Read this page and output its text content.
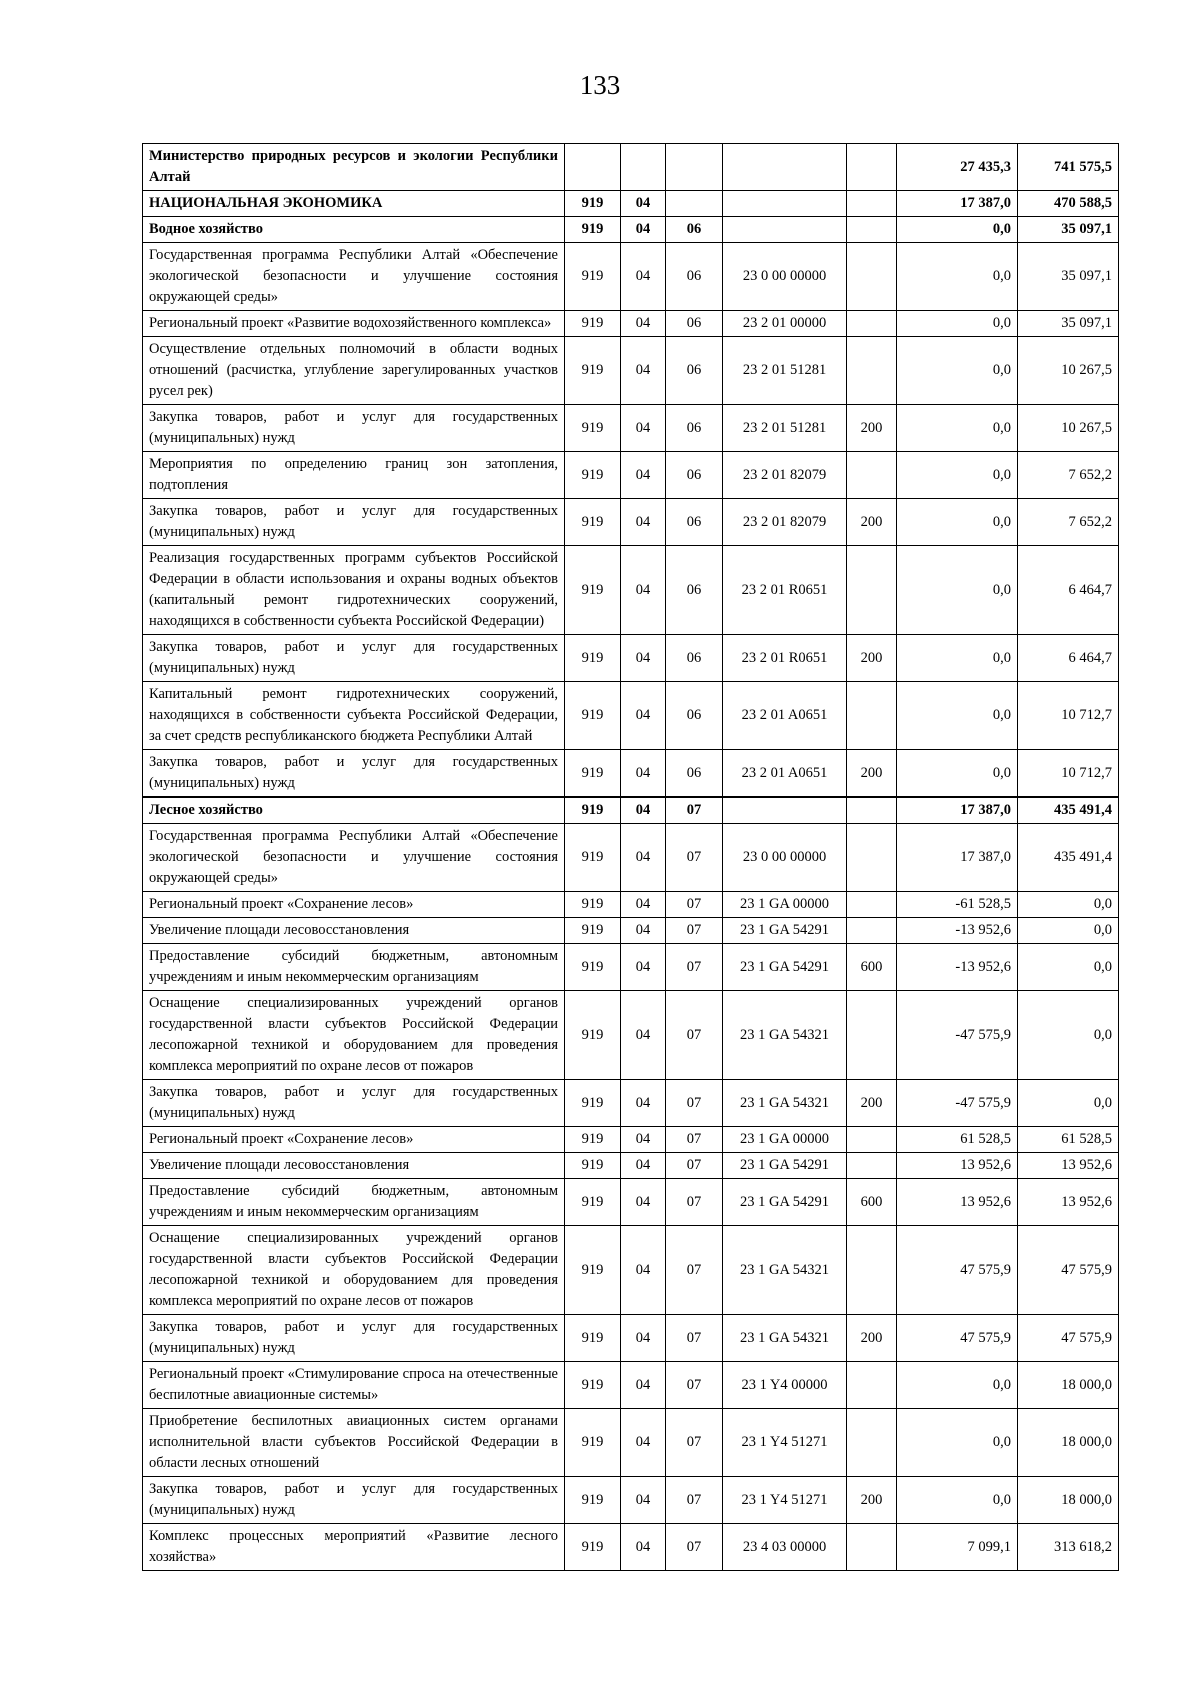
133
Министерство природных ресурсов и экологии Республики Алтай						27 435,3	741 575,5
НАЦИОНАЛЬНАЯ ЭКОНОМИКА	919	04				17 387,0	470 588,5
Водное хозяйство	919	04	06			0,0	35 097,1
Государственная программа Республики Алтай «Обеспечение экологической безопасности и улучшение состояния окружающей среды»	919	04	06	23 0 00 00000		0,0	35 097,1
Региональный проект «Развитие водохозяйственного комплекса»	919	04	06	23 2 01 00000		0,0	35 097,1
Осуществление отдельных полномочий в области водных отношений (расчистка, углубление зарегулированных участков русел рек)	919	04	06	23 2 01 51281		0,0	10 267,5
Закупка товаров, работ и услуг для государственных (муниципальных) нужд	919	04	06	23 2 01 51281	200	0,0	10 267,5
Мероприятия по определению границ зон затопления, подтопления	919	04	06	23 2 01 82079		0,0	7 652,2
Закупка товаров, работ и услуг для государственных (муниципальных) нужд	919	04	06	23 2 01 82079	200	0,0	7 652,2
Реализация государственных программ субъектов Российской Федерации в области использования и охраны водных объектов (капитальный ремонт гидротехнических сооружений, находящихся в собственности субъекта Российской Федерации)	919	04	06	23 2 01 R0651		0,0	6 464,7
Закупка товаров, работ и услуг для государственных (муниципальных) нужд	919	04	06	23 2 01 R0651	200	0,0	6 464,7
Капитальный ремонт гидротехнических сооружений, находящихся в собственности субъекта Российской Федерации, за счет средств республиканского бюджета Республики Алтай	919	04	06	23 2 01 A0651		0,0	10 712,7
Закупка товаров, работ и услуг для государственных (муниципальных) нужд	919	04	06	23 2 01 A0651	200	0,0	10 712,7
Лесное хозяйство	919	04	07			17 387,0	435 491,4
Государственная программа Республики Алтай «Обеспечение экологической безопасности и улучшение состояния окружающей среды»	919	04	07	23 0 00 00000		17 387,0	435 491,4
Региональный проект «Сохранение лесов»	919	04	07	23 1 GA 00000		-61 528,5	0,0
Увеличение площади лесовосстановления	919	04	07	23 1 GA 54291		-13 952,6	0,0
Предоставление субсидий бюджетным, автономным учреждениям и иным некоммерческим организациям	919	04	07	23 1 GA 54291	600	-13 952,6	0,0
Оснащение специализированных учреждений органов государственной власти субъектов Российской Федерации лесопожарной техникой и оборудованием для проведения комплекса мероприятий по охране лесов от пожаров	919	04	07	23 1 GA 54321		-47 575,9	0,0
Закупка товаров, работ и услуг для государственных (муниципальных) нужд	919	04	07	23 1 GA 54321	200	-47 575,9	0,0
Региональный проект «Сохранение лесов»	919	04	07	23 1 GA 00000		61 528,5	61 528,5
Увеличение площади лесовосстановления	919	04	07	23 1 GA 54291		13 952,6	13 952,6
Предоставление субсидий бюджетным, автономным учреждениям и иным некоммерческим организациям	919	04	07	23 1 GA 54291	600	13 952,6	13 952,6
Оснащение специализированных учреждений органов государственной власти субъектов Российской Федерации лесопожарной техникой и оборудованием для проведения комплекса мероприятий по охране лесов от пожаров	919	04	07	23 1 GA 54321		47 575,9	47 575,9
Закупка товаров, работ и услуг для государственных (муниципальных) нужд	919	04	07	23 1 GA 54321	200	47 575,9	47 575,9
Региональный проект «Стимулирование спроса на отечественные беспилотные авиационные системы»	919	04	07	23 1 Y4 00000		0,0	18 000,0
Приобретение беспилотных авиационных систем органами исполнительной власти субъектов Российской Федерации в области лесных отношений	919	04	07	23 1 Y4 51271		0,0	18 000,0
Закупка товаров, работ и услуг для государственных (муниципальных) нужд	919	04	07	23 1 Y4 51271	200	0,0	18 000,0
Комплекс процессных мероприятий «Развитие лесного хозяйства»	919	04	07	23 4 03 00000		7 099,1	313 618,2
